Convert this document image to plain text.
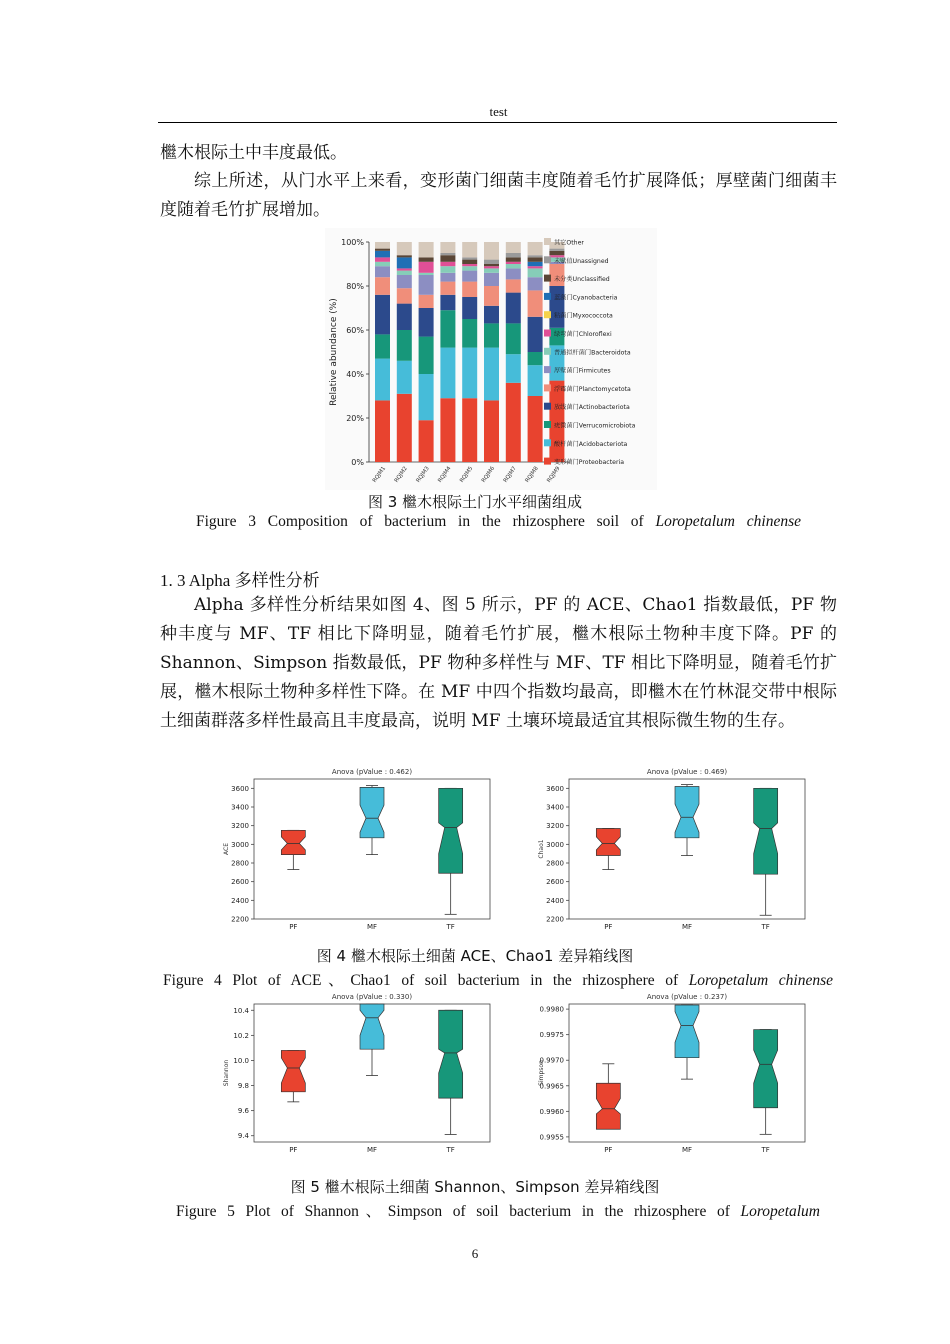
test
檵木根际土中丰度最低。
综上所述，从门水平上来看，变形菌门细菌丰度随着毛竹扩展降低；厚壁菌门细菌丰度随着毛竹扩展增加。
0%
20%
40%
60%
80%
100%
Relative abundance (%)
RQJM1 RQJM2 RQJM3 RQJM4 RQJM5 RQJM6 RQJM7 RQJM8 RQJM9
其它Other
未赋值Unassigned
未分类Unclassified
蓝藻门Cyanobacteria
粘菌门Myxococcota
绿弯菌门Chloroflexi
普通拟杆菌门Bacteroidota
厚壁菌门Firmicutes
浮霉菌门Planctomycetota
放线菌门Actinobacteriota
疣微菌门Verrucomicrobiota
酸杆菌门Acidobacteriota
变形菌门Proteobacteria
图 3 檵木根际土门水平细菌组成
Figure 3 Composition of bacterium in the rhizosphere soil of Loropetalum chinense
1. 3 Alpha 多样性分析
Alpha 多样性分析结果如图 4、图 5 所示，PF 的 ACE、Chao1 指数最低，PF 物种丰度与 MF、TF 相比下降明显，随着毛竹扩展，檵木根际土物种丰度下降。PF 的 Shannon、Simpson 指数最低，PF 物种多样性与 MF、TF 相比下降明显，随着毛竹扩展，檵木根际土物种多样性下降。在 MF 中四个指数均最高，即檵木在竹林混交带中根际土细菌群落多样性最高且丰度最高，说明 MF 土壤环境最适宜其根际微生物的生存。
Anova (pValue : 0.462)
ACE
2200
2400
2600
2800
3000
3200
3400
3600
PF	MF	TF
Anova (pValue : 0.469)
Chao1
2200
2400
2600
2800
3000
3200
3400
3600
PF	MF	TF
图 4 檵木根际土细菌 ACE、Chao1 差异箱线图
Figure 4 Plot of ACE、Chao1 of soil bacterium in the rhizosphere of Loropetalum chinense
Anova (pValue : 0.330)
Shannon
9.4
9.6
9.8
10.0
10.2
10.4
PF	MF	TF
Anova (pValue : 0.237)
Simpson
0.9955
0.9960
0.9965
0.9970
0.9975
0.9980
PF	MF	TF
图 5 檵木根际土细菌 Shannon、Simpson 差异箱线图
Figure 5 Plot of Shannon、Simpson of soil bacterium in the rhizosphere of Loropetalum
6
